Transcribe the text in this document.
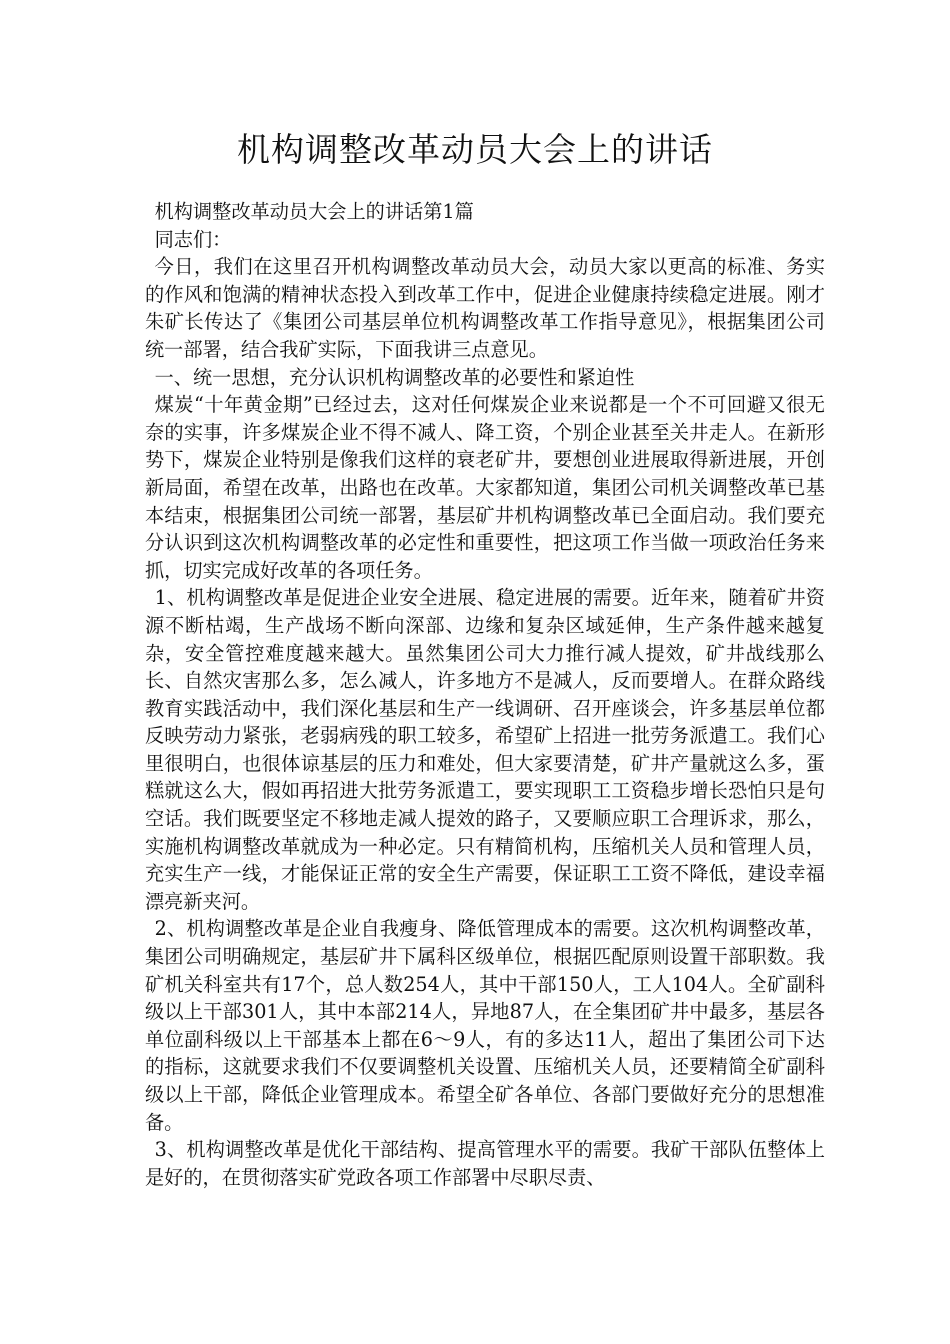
机构调整改革动员大会上的讲话

机构调整改革动员大会上的讲话第1篇

同志们：

今日，我们在这里召开机构调整改革动员大会，动员大家以更高的标准、务实的作风和饱满的精神状态投入到改革工作中，促进企业健康持续稳定进展。刚才朱矿长传达了《集团公司基层单位机构调整改革工作指导意见》，根据集团公司统一部署，结合我矿实际，下面我讲三点意见。

一、统一思想，充分认识机构调整改革的必要性和紧迫性

煤炭“十年黄金期”已经过去，这对任何煤炭企业来说都是一个不可回避又很无奈的实事，许多煤炭企业不得不减人、降工资，个别企业甚至关井走人。在新形势下，煤炭企业特别是像我们这样的衰老矿井，要想创业进展取得新进展，开创新局面，希望在改革，出路也在改革。大家都知道，集团公司机关调整改革已基本结束，根据集团公司统一部署，基层矿井机构调整改革已全面启动。我们要充分认识到这次机构调整改革的必定性和重要性，把这项工作当做一项政治任务来抓，切实完成好改革的各项任务。

1、机构调整改革是促进企业安全进展、稳定进展的需要。近年来，随着矿井资源不断枯竭，生产战场不断向深部、边缘和复杂区域延伸，生产条件越来越复杂，安全管控难度越来越大。虽然集团公司大力推行减人提效，矿井战线那么长、自然灾害那么多，怎么减人，许多地方不是减人，反而要增人。在群众路线教育实践活动中，我们深化基层和生产一线调研、召开座谈会，许多基层单位都反映劳动力紧张，老弱病残的职工较多，希望矿上招进一批劳务派遣工。我们心里很明白，也很体谅基层的压力和难处，但大家要清楚，矿井产量就这么多，蛋糕就这么大，假如再招进大批劳务派遣工，要实现职工工资稳步增长恐怕只是句空话。我们既要坚定不移地走减人提效的路子，又要顺应职工合理诉求，那么，实施机构调整改革就成为一种必定。只有精简机构，压缩机关人员和管理人员，充实生产一线，才能保证正常的安全生产需要，保证职工工资不降低，建设幸福漂亮新夹河。

2、机构调整改革是企业自我瘦身、降低管理成本的需要。这次机构调整改革，集团公司明确规定，基层矿井下属科区级单位，根据匹配原则设置干部职数。我矿机关科室共有17个，总人数254人，其中干部150人，工人104人。全矿副科级以上干部301人，其中本部214人，异地87人，在全集团矿井中最多，基层各单位副科级以上干部基本上都在6～9人，有的多达11人，超出了集团公司下达的指标，这就要求我们不仅要调整机关设置、压缩机关人员，还要精简全矿副科级以上干部，降低企业管理成本。希望全矿各单位、各部门要做好充分的思想准备。

3、机构调整改革是优化干部结构、提高管理水平的需要。我矿干部队伍整体上是好的，在贯彻落实矿党政各项工作部署中尽职尽责、
